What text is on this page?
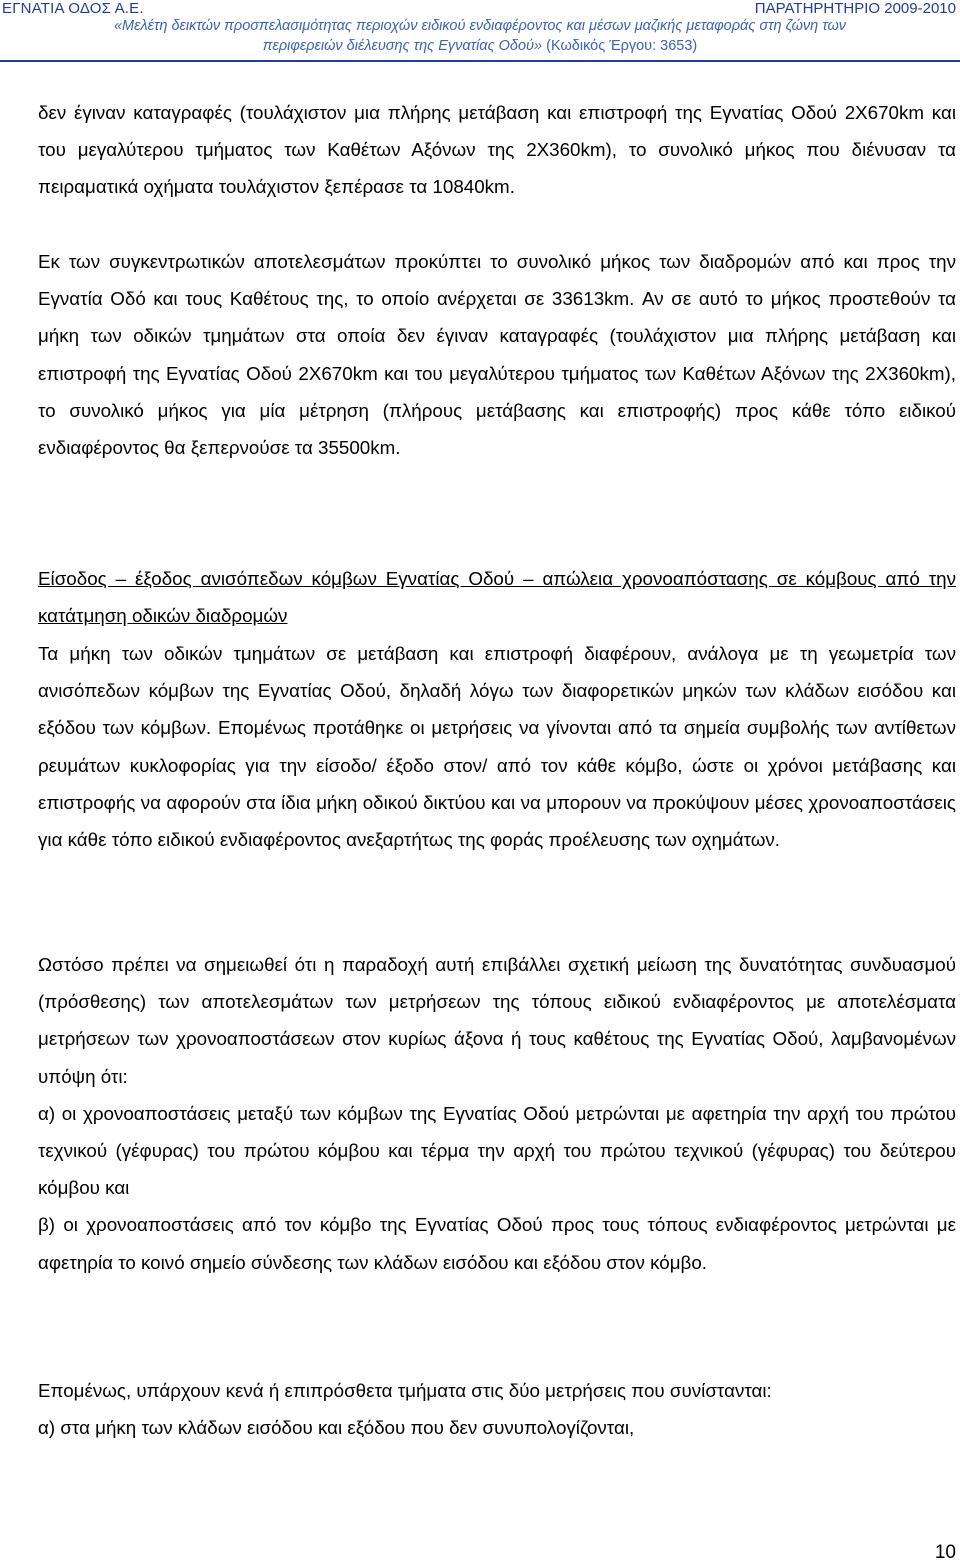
ΕΓΝΑΤΙΑ ΟΔΟΣ Α.Ε.	ΠΑΡΑΤΗΡΗΤΗΡΙΟ 2009-2010
«Μελέτη δεικτών προσπελασιμότητας περιοχών ειδικού ενδιαφέροντος και μέσων μαζικής μεταφοράς στη ζώνη των
περιφερειών διέλευσης της Εγνατίας Οδού» (Κωδικός Έργου: 3653)
δεν έγιναν καταγραφές (τουλάχιστον μια πλήρης μετάβαση και επιστροφή της Εγνατίας Οδού 2Χ670km και του μεγαλύτερου τμήματος των Καθέτων Αξόνων της 2Χ360km), το συνολικό μήκος που διένυσαν τα πειραματικά οχήματα τουλάχιστον ξεπέρασε τα 10840km.
Εκ των συγκεντρωτικών αποτελεσμάτων προκύπτει το συνολικό μήκος των διαδρομών από και προς την Εγνατία Οδό και τους Καθέτους της, το οποίο ανέρχεται σε 33613km. Αν σε αυτό το μήκος προστεθούν τα μήκη των οδικών τμημάτων στα οποία δεν έγιναν καταγραφές (τουλάχιστον μια πλήρης μετάβαση και επιστροφή της Εγνατίας Οδού 2Χ670km και του μεγαλύτερου τμήματος των Καθέτων Αξόνων της 2Χ360km), το συνολικό μήκος για μία μέτρηση (πλήρους μετάβασης και επιστροφής) προς κάθε τόπο ειδικού ενδιαφέροντος θα ξεπερνούσε τα 35500km.
Είσοδος – έξοδος ανισόπεδων κόμβων Εγνατίας Οδού – απώλεια χρονοαπόστασης σε κόμβους από την κατάτμηση οδικών διαδρομών
Τα μήκη των οδικών τμημάτων σε μετάβαση και επιστροφή διαφέρουν, ανάλογα με τη γεωμετρία των ανισόπεδων κόμβων της Εγνατίας Οδού, δηλαδή λόγω των διαφορετικών μηκών των κλάδων εισόδου και εξόδου των κόμβων. Επομένως προτάθηκε οι μετρήσεις να γίνονται από τα σημεία συμβολής των αντίθετων ρευμάτων κυκλοφορίας για την είσοδο/ έξοδο στον/ από τον κάθε κόμβο, ώστε οι χρόνοι μετάβασης και επιστροφής να αφορούν στα ίδια μήκη οδικού δικτύου και να μπορουν να προκύψουν μέσες χρονοαποστάσεις για κάθε τόπο ειδικού ενδιαφέροντος ανεξαρτήτως της φοράς προέλευσης των οχημάτων.
Ωστόσο πρέπει να σημειωθεί ότι η παραδοχή αυτή επιβάλλει σχετική μείωση της δυνατότητας συνδυασμού (πρόσθεσης) των αποτελεσμάτων των μετρήσεων της τόπους ειδικού ενδιαφέροντος με αποτελέσματα μετρήσεων των χρονοαποστάσεων στον κυρίως άξονα ή τους καθέτους της Εγνατίας Οδού, λαμβανομένων υπόψη ότι:
α) οι χρονοαποστάσεις μεταξύ των κόμβων της Εγνατίας Οδού μετρώνται με αφετηρία την αρχή του πρώτου τεχνικού (γέφυρας) του πρώτου κόμβου και τέρμα την αρχή του πρώτου τεχνικού (γέφυρας) του δεύτερου κόμβου και
β) οι χρονοαποστάσεις από τον κόμβο της Εγνατίας Οδού προς τους τόπους ενδιαφέροντος μετρώνται με αφετηρία το κοινό σημείο σύνδεσης των κλάδων εισόδου και εξόδου στον κόμβο.
Επομένως, υπάρχουν κενά ή επιπρόσθετα τμήματα στις δύο μετρήσεις που συνίστανται:
α) στα μήκη των κλάδων εισόδου και εξόδου που δεν συνυπολογίζονται,
10
